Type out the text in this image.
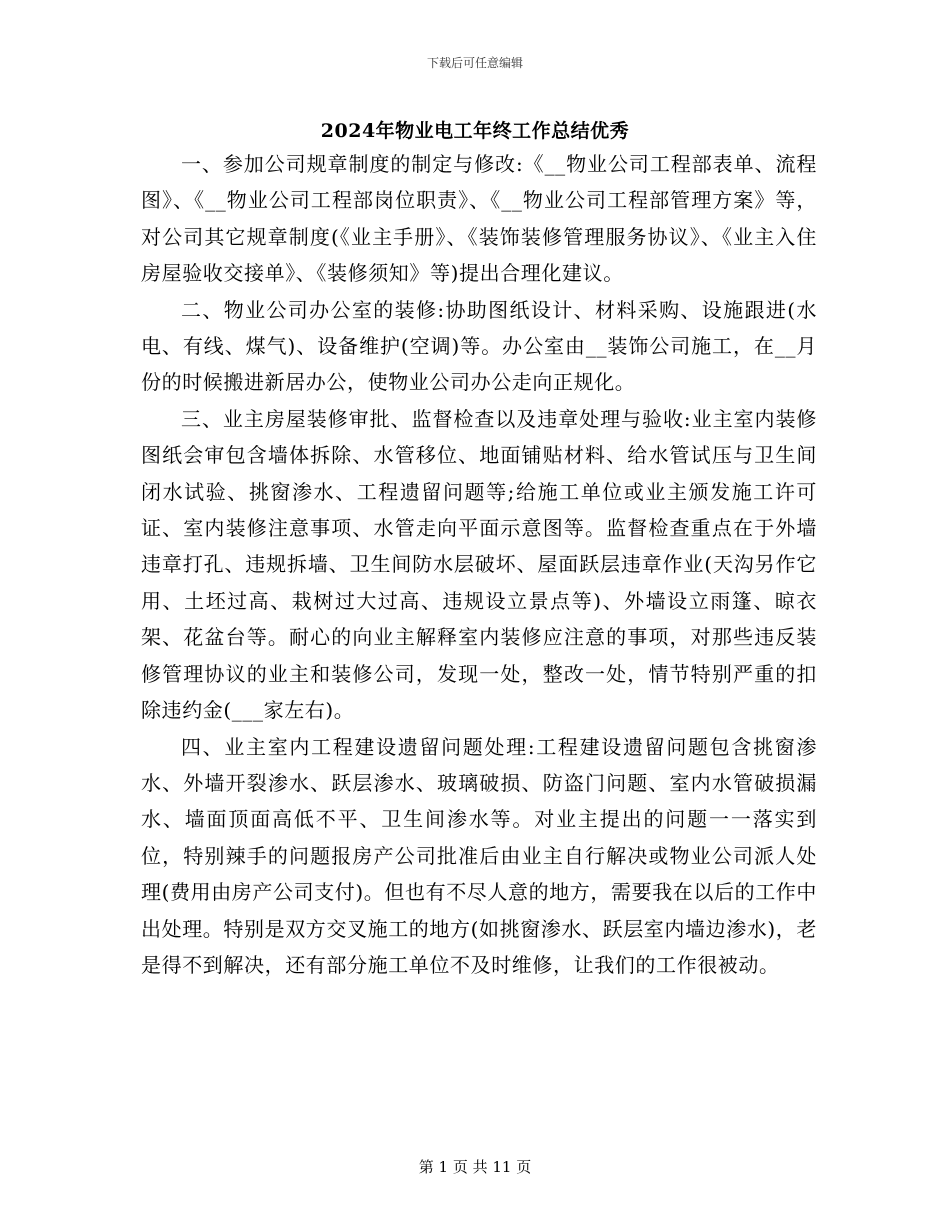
下载后可任意编辑
2024年物业电工年终工作总结优秀

一、参加公司规章制度的制定与修改:《__物业公司工程部表单、流程图》、《__物业公司工程部岗位职责》、《__物业公司工程部管理方案》等，对公司其它规章制度(《业主手册》、《装饰装修管理服务协议》、《业主入住房屋验收交接单》、《装修须知》等)提出合理化建议。

二、物业公司办公室的装修:协助图纸设计、材料采购、设施跟进(水电、有线、煤气)、设备维护(空调)等。办公室由__装饰公司施工，在__月份的时候搬进新居办公，使物业公司办公走向正规化。

三、业主房屋装修审批、监督检查以及违章处理与验收:业主室内装修图纸会审包含墙体拆除、水管移位、地面铺贴材料、给水管试压与卫生间闭水试验、挑窗渗水、工程遗留问题等;给施工单位或业主颁发施工许可证、室内装修注意事项、水管走向平面示意图等。监督检查重点在于外墙违章打孔、违规拆墙、卫生间防水层破坏、屋面跃层违章作业(天沟另作它用、土坯过高、栽树过大过高、违规设立景点等)、外墙设立雨篷、晾衣架、花盆台等。耐心的向业主解释室内装修应注意的事项，对那些违反装修管理协议的业主和装修公司，发现一处，整改一处，情节特别严重的扣除违约金(___家左右)。

四、业主室内工程建设遗留问题处理:工程建设遗留问题包含挑窗渗水、外墙开裂渗水、跃层渗水、玻璃破损、防盗门问题、室内水管破损漏水、墙面顶面高低不平、卫生间渗水等。对业主提出的问题一一落实到位，特别辣手的问题报房产公司批准后由业主自行解决或物业公司派人处理(费用由房产公司支付)。但也有不尽人意的地方，需要我在以后的工作中出处理。特别是双方交叉施工的地方(如挑窗渗水、跃层室内墙边渗水)，老是得不到解决，还有部分施工单位不及时维修，让我们的工作很被动。

第 1 页 共 11 页
